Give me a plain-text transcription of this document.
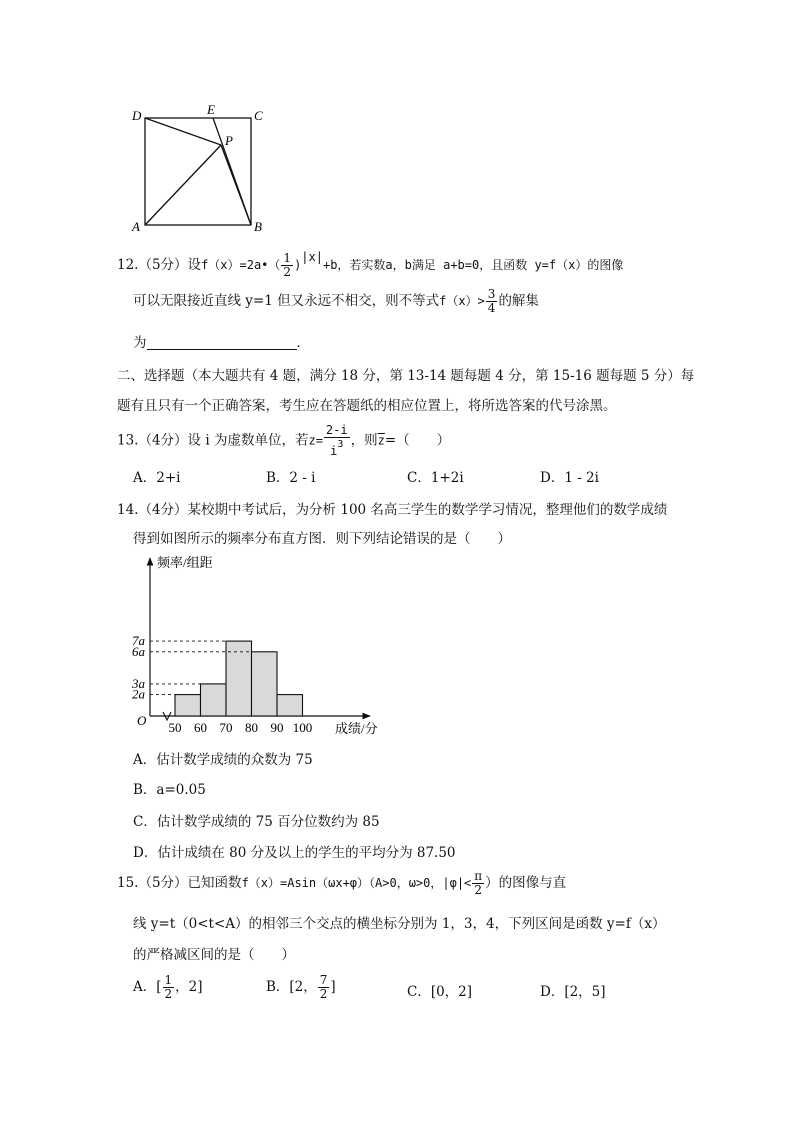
D	E	C
P
A	B
12.（5分）设f（x）=2a•（ $\frac{1}{2} )|x|+b$，若实数a，b满足 a+b=0，且函数 y=f（x）的图像
可以无限接近直线 y=1 但又永远不相交，则不等式$f(x)> \frac{3}{4}$ 的解集
为	．
二、选择题（本大题共有 4 题，满分 18 分，第 13-14 题每题 4 分，第 15-16 题每题 5 分）每
题有且只有一个正确答案，考生应在答题纸的相应位置上，将所选答案的代号涂黑。
13.（4分）设 i 为虚数单位，若$z= \frac{2-i}{i^3}$ ，则$\overline{z}=$（　　）
A．2+i	B．2 - i	C．1+2i	D．1 - 2i
14.（4分）某校期中考试后，为分析 100 名高三学生的数学学习情况，整理他们的数学成绩
得到如图所示的频率分布直方图．则下列结论错误的是（　　）
2a
3a
6a
7a
50 60 70 80 90 100
频率/组距
成绩/分
O
A．估计数学成绩的众数为 75
B．a=0.05
C．估计数学成绩的 75 百分位数约为 85
D．估计成绩在 80 分及以上的学生的平均分为 87.50
15.（5分）已知函数f（x）=Asin（ωx+φ）（A>0，ω>0，$|\varphi|< \frac{\pi}{2}$ ）的图像与直
线 y=t（0<t<A）的相邻三个交点的横坐标分别为 1，3，4，下列区间是函数 y=f（x）
的严格减区间的是（　　）
A．[ $\frac{1}{2}$ ，2]	B．[2， $\frac{7}{2}$ ]	C．[0，2]	D．[2，5]
